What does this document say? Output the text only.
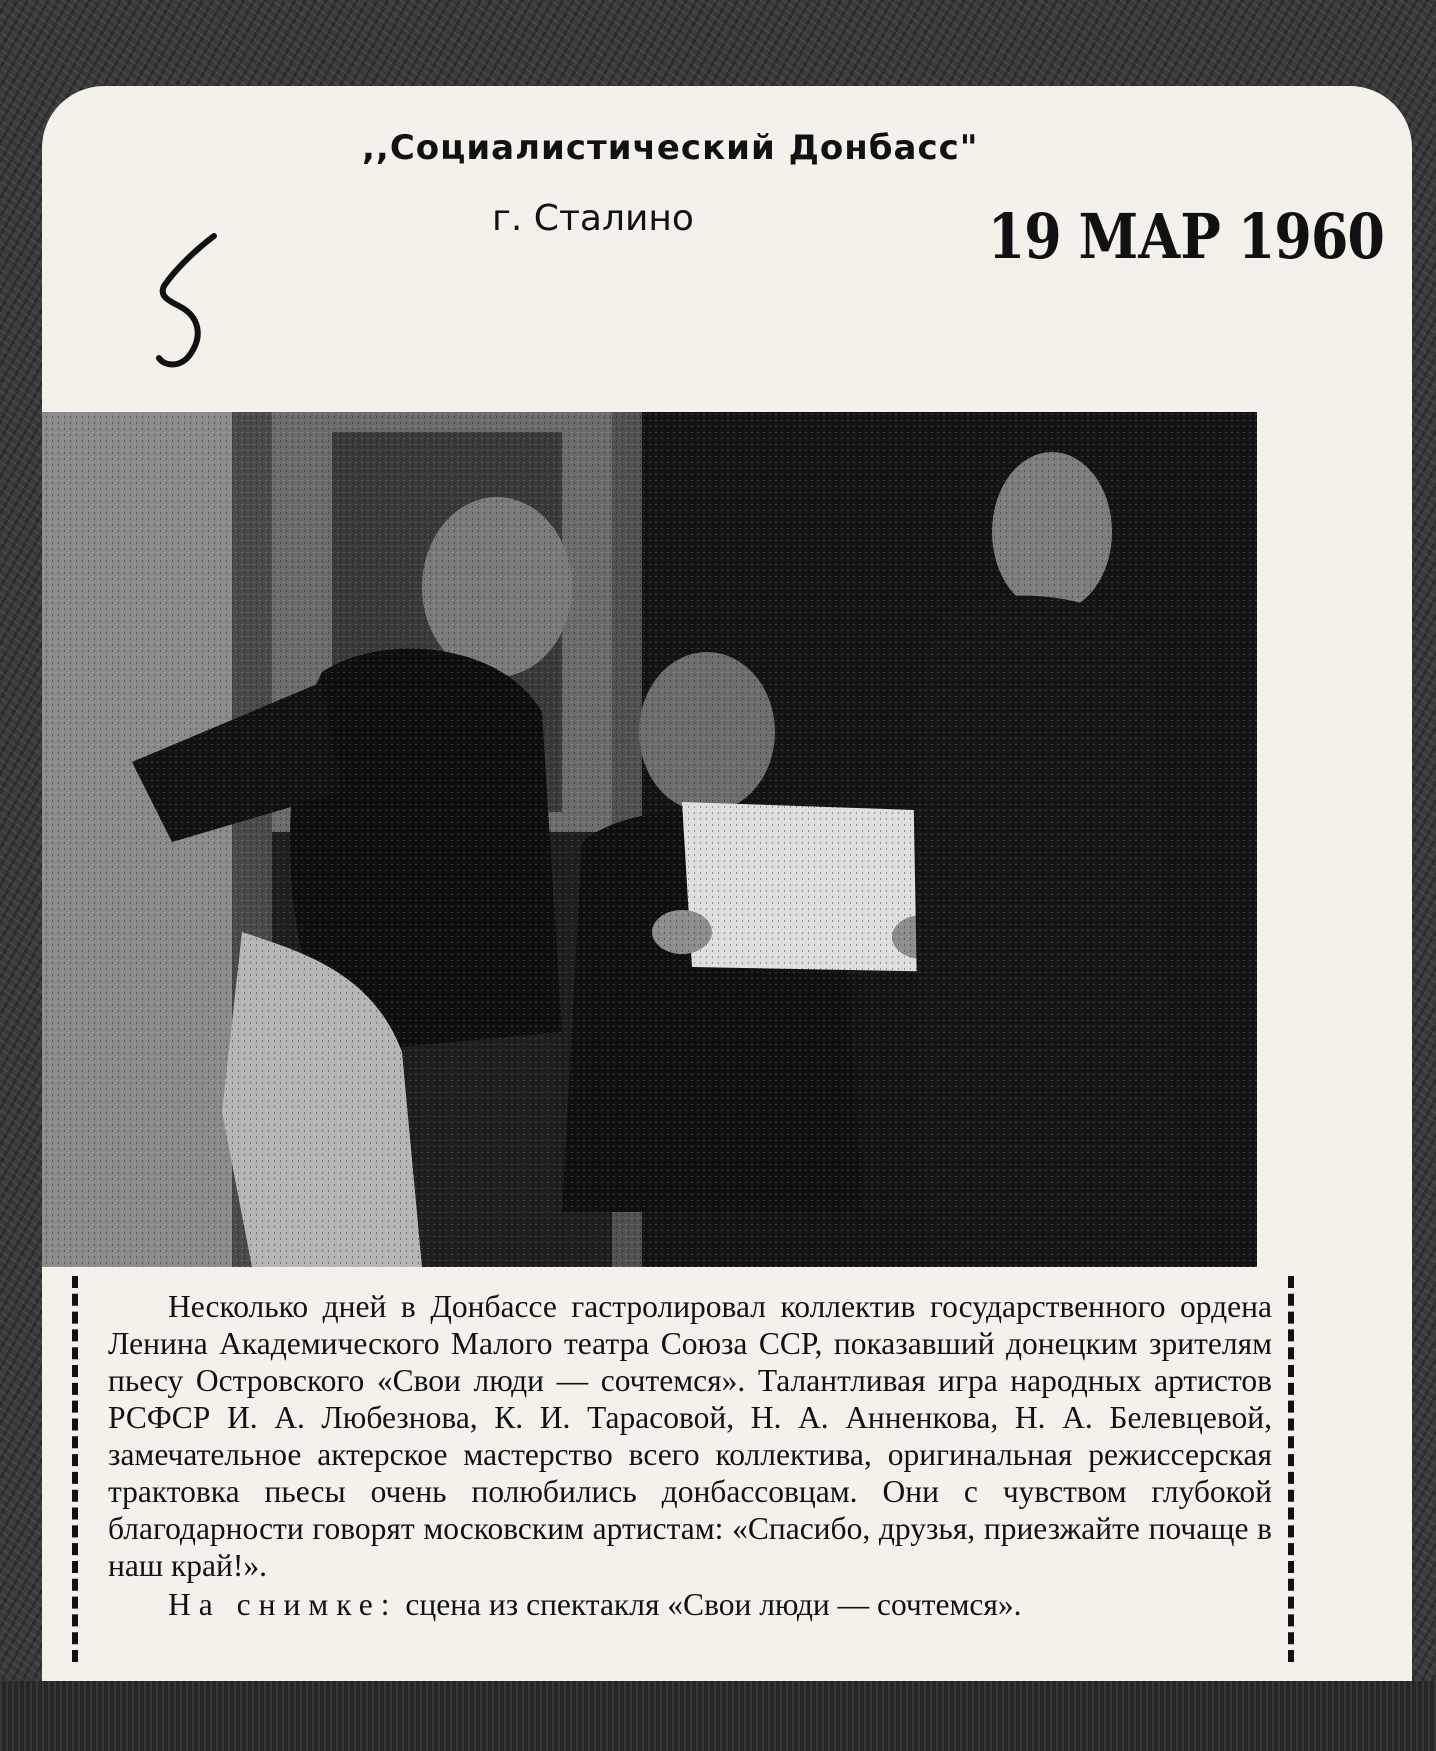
,,Социалистический Донбасс"
г. Сталино	19 МАР 1960

Несколько дней в Донбассе гастролировал коллектив государственного ордена Ленина Академического Малого театра Союза ССР, показавший донецким зрителям пьесу Островского «Свои люди — сочтемся». Талантливая игра народных артистов РСФСР И. А. Любезнова, К. И. Тарасовой, Н. А. Анненкова, Н. А. Белевцевой, замечательное актерское мастерство всего коллектива, оригинальная режиссерская трактовка пьесы очень полюбились донбассовцам. Они с чувством глубокой благодарности говорят московским артистам: «Спасибо, друзья, приезжайте почаще в наш край!».

На снимке: сцена из спектакля «Свои люди — сочтемся».
